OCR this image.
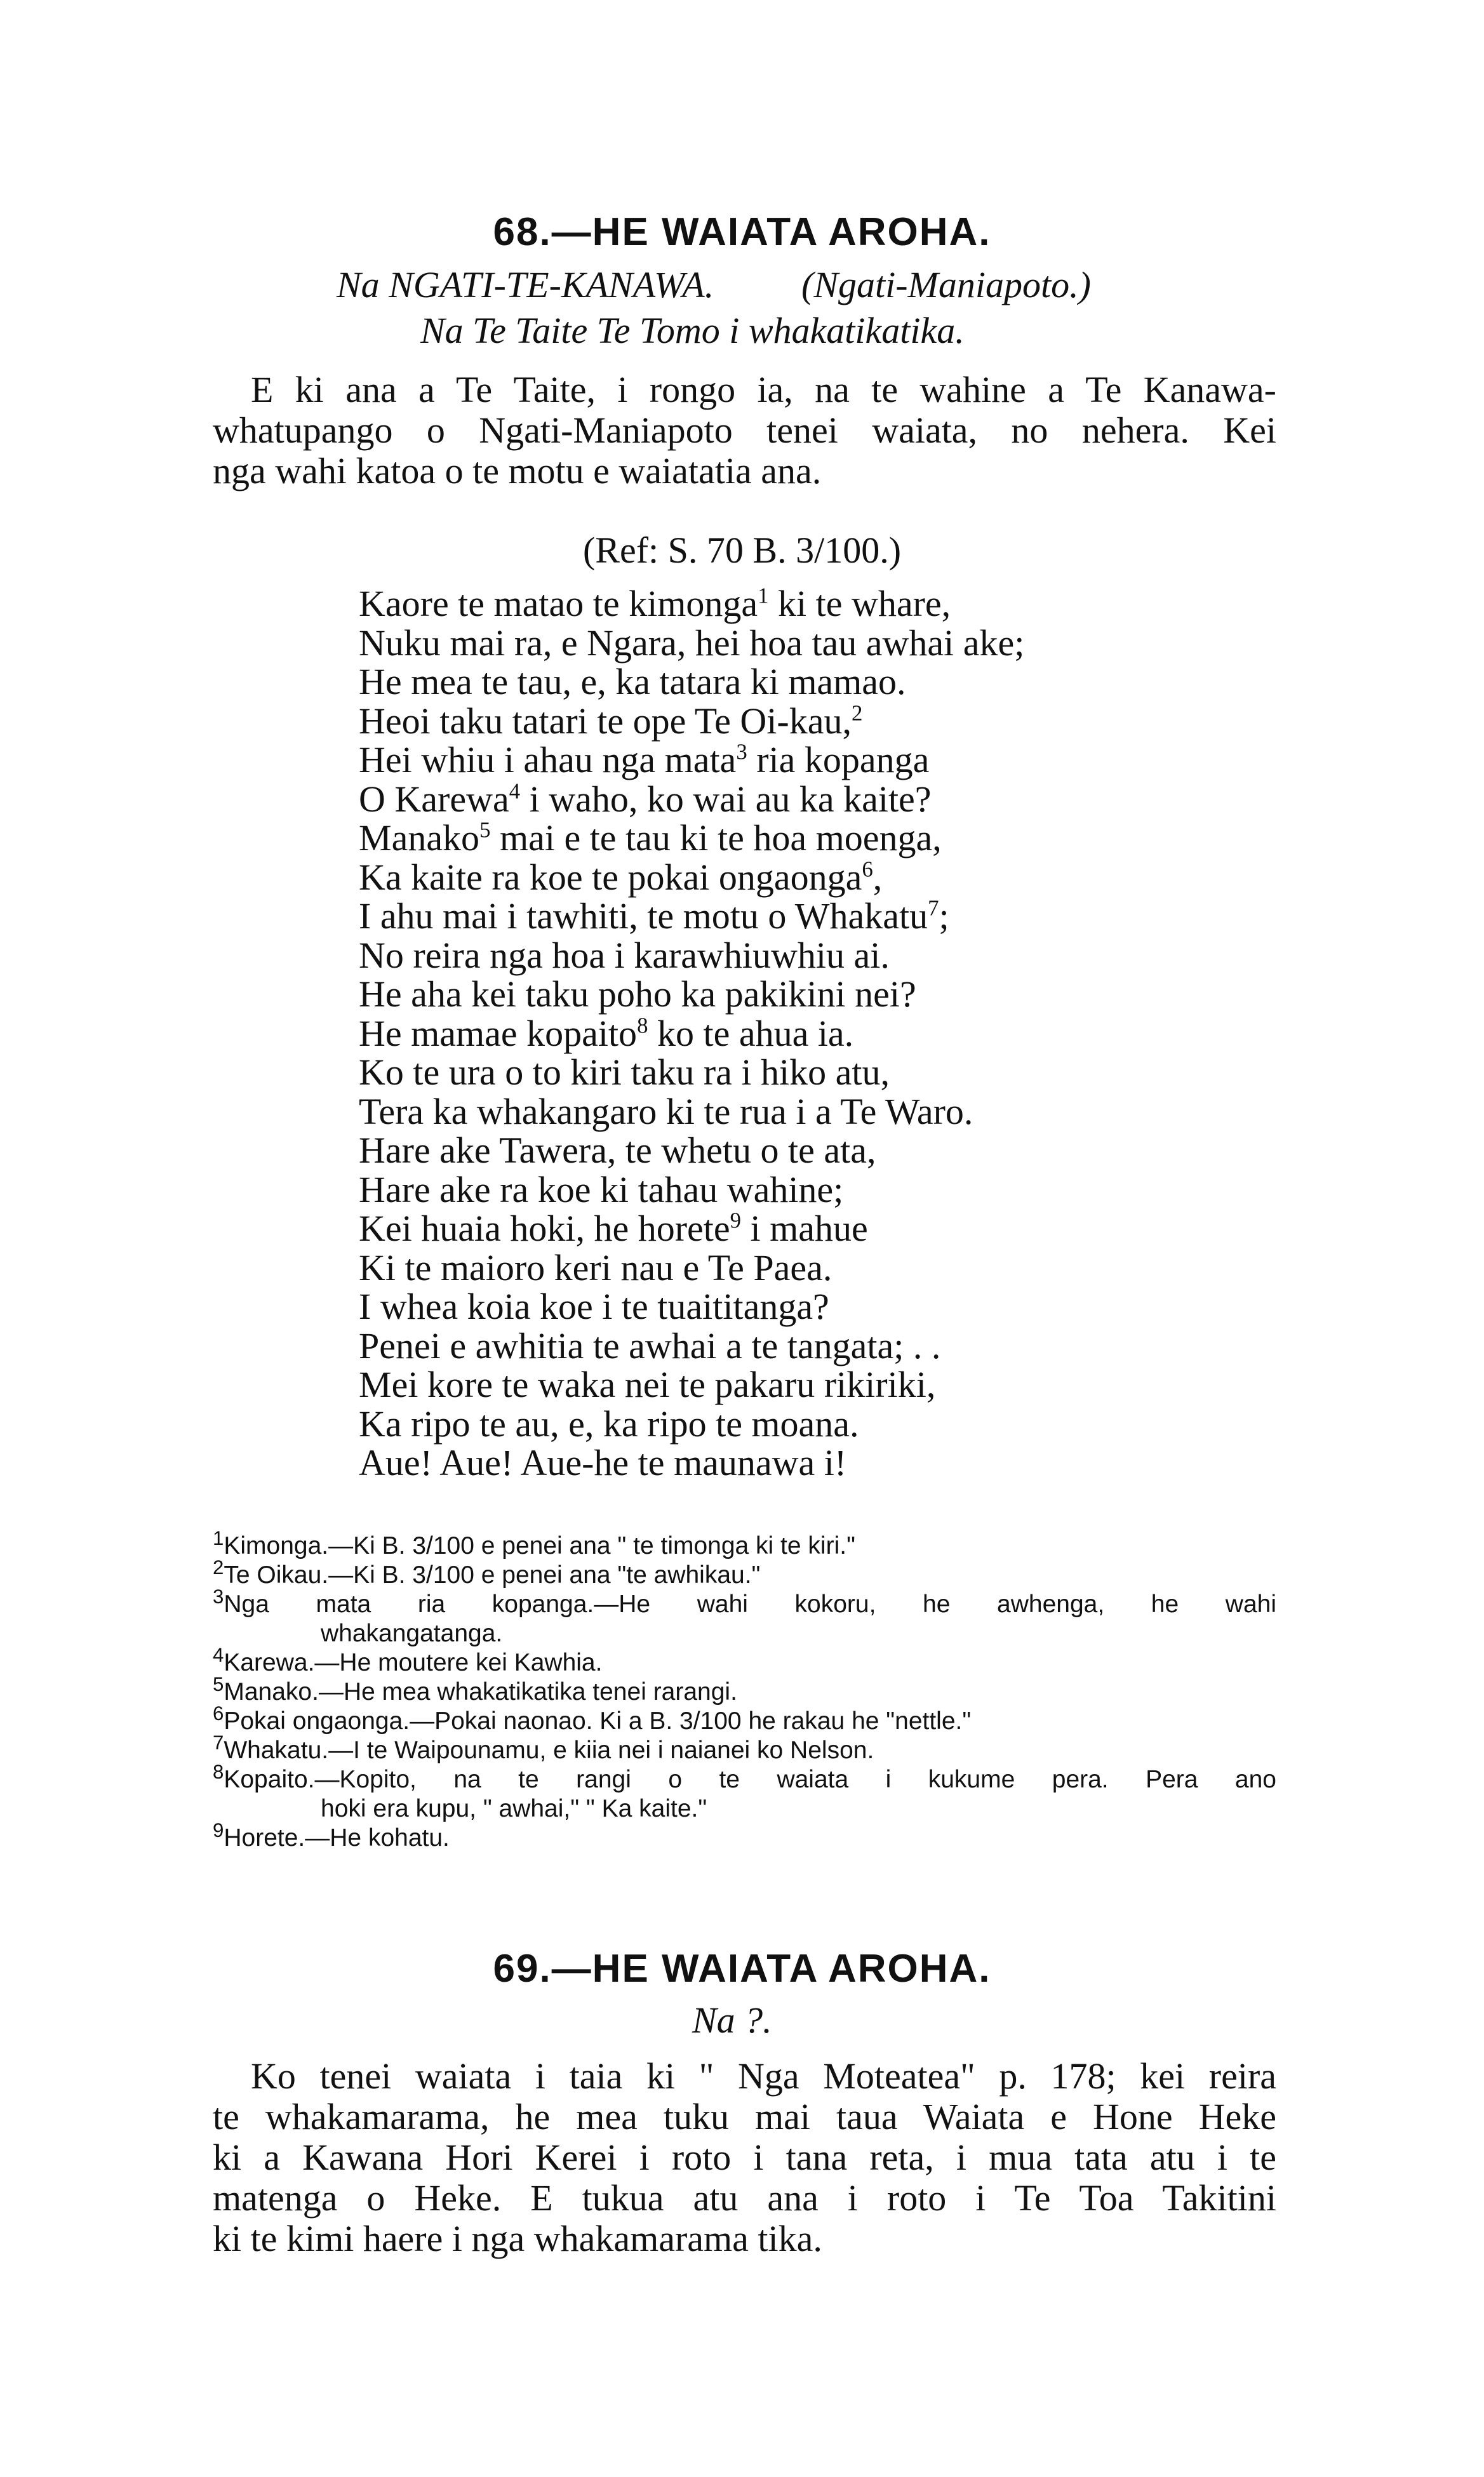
68.—HE WAIATA AROHA.
Na NGATI-TE-KANAWA. (Ngati-Maniapoto.)
Na Te Taite Te Tomo i whakatikatika.
E ki ana a Te Taite, i rongo ia, na te wahine a Te Kanawa-
whatupango o Ngati-Maniapoto tenei waiata, no nehera. Kei
nga wahi katoa o te motu e waiatatia ana.
(Ref: S. 70 B. 3/100.)
Kaore te matao te kimonga$^1$ ki te whare,
Nuku mai ra, e Ngara, hei hoa tau awhai ake;
He mea te tau, e, ka tatara ki mamao.
Heoi taku tatari te ope Te Oi-kau,$^2$
Hei whiu i ahau nga mata$^3$ ria kopanga
O Karewa$^4$ i waho, ko wai au ka kaite?
Manako$^5$ mai e te tau ki te hoa moenga,
Ka kaite ra koe te pokai ongaonga$^6$,
I ahu mai i tawhiti, te motu o Whakatu$^7$;
No reira nga hoa i karawhiuwhiu ai.
He aha kei taku poho ka pakikini nei?
He mamae kopaito$^8$ ko te ahua ia.
Ko te ura o to kiri taku ra i hiko atu,
Tera ka whakangaro ki te rua i a Te Waro.
Hare ake Tawera, te whetu o te ata,
Hare ake ra koe ki tahau wahine;
Kei huaia hoki, he horete$^9$ i mahue
Ki te maioro keri nau e Te Paea.
I whea koia koe i te tuaititanga?
Penei e awhitia te awhai a te tangata; . .
Mei kore te waka nei te pakaru rikiriki,
Ka ripo te au, e, ka ripo te moana.
Aue! Aue! Aue-he te maunawa i!
$^1$Kimonga.—Ki B. 3/100 e penei ana " te timonga ki te kiri."
$^2$Te Oikau.—Ki B. 3/100 e penei ana "te awhikau."
$^3$Nga mata ria kopanga.—He wahi kokoru, he awhenga, he wahi
whakangatanga.
$^4$Karewa.—He moutere kei Kawhia.
$^5$Manako.—He mea whakatikatika tenei rarangi.
$^6$Pokai ongaonga.—Pokai naonao. Ki a B. 3/100 he rakau he "nettle."
$^7$Whakatu.—I te Waipounamu, e kiia nei i naianei ko Nelson.
$^8$Kopaito.—Kopito, na te rangi o te waiata i kukume pera. Pera ano
hoki era kupu, " awhai," " Ka kaite."
$^9$Horete.—He kohatu.
69.—HE WAIATA AROHA.
Na ?.
Ko tenei waiata i taia ki " Nga Moteatea" p. 178; kei reira
te whakamarama, he mea tuku mai taua Waiata e Hone Heke
ki a Kawana Hori Kerei i roto i tana reta, i mua tata atu i te
matenga o Heke. E tukua atu ana i roto i Te Toa Takitini
ki te kimi haere i nga whakamarama tika.
